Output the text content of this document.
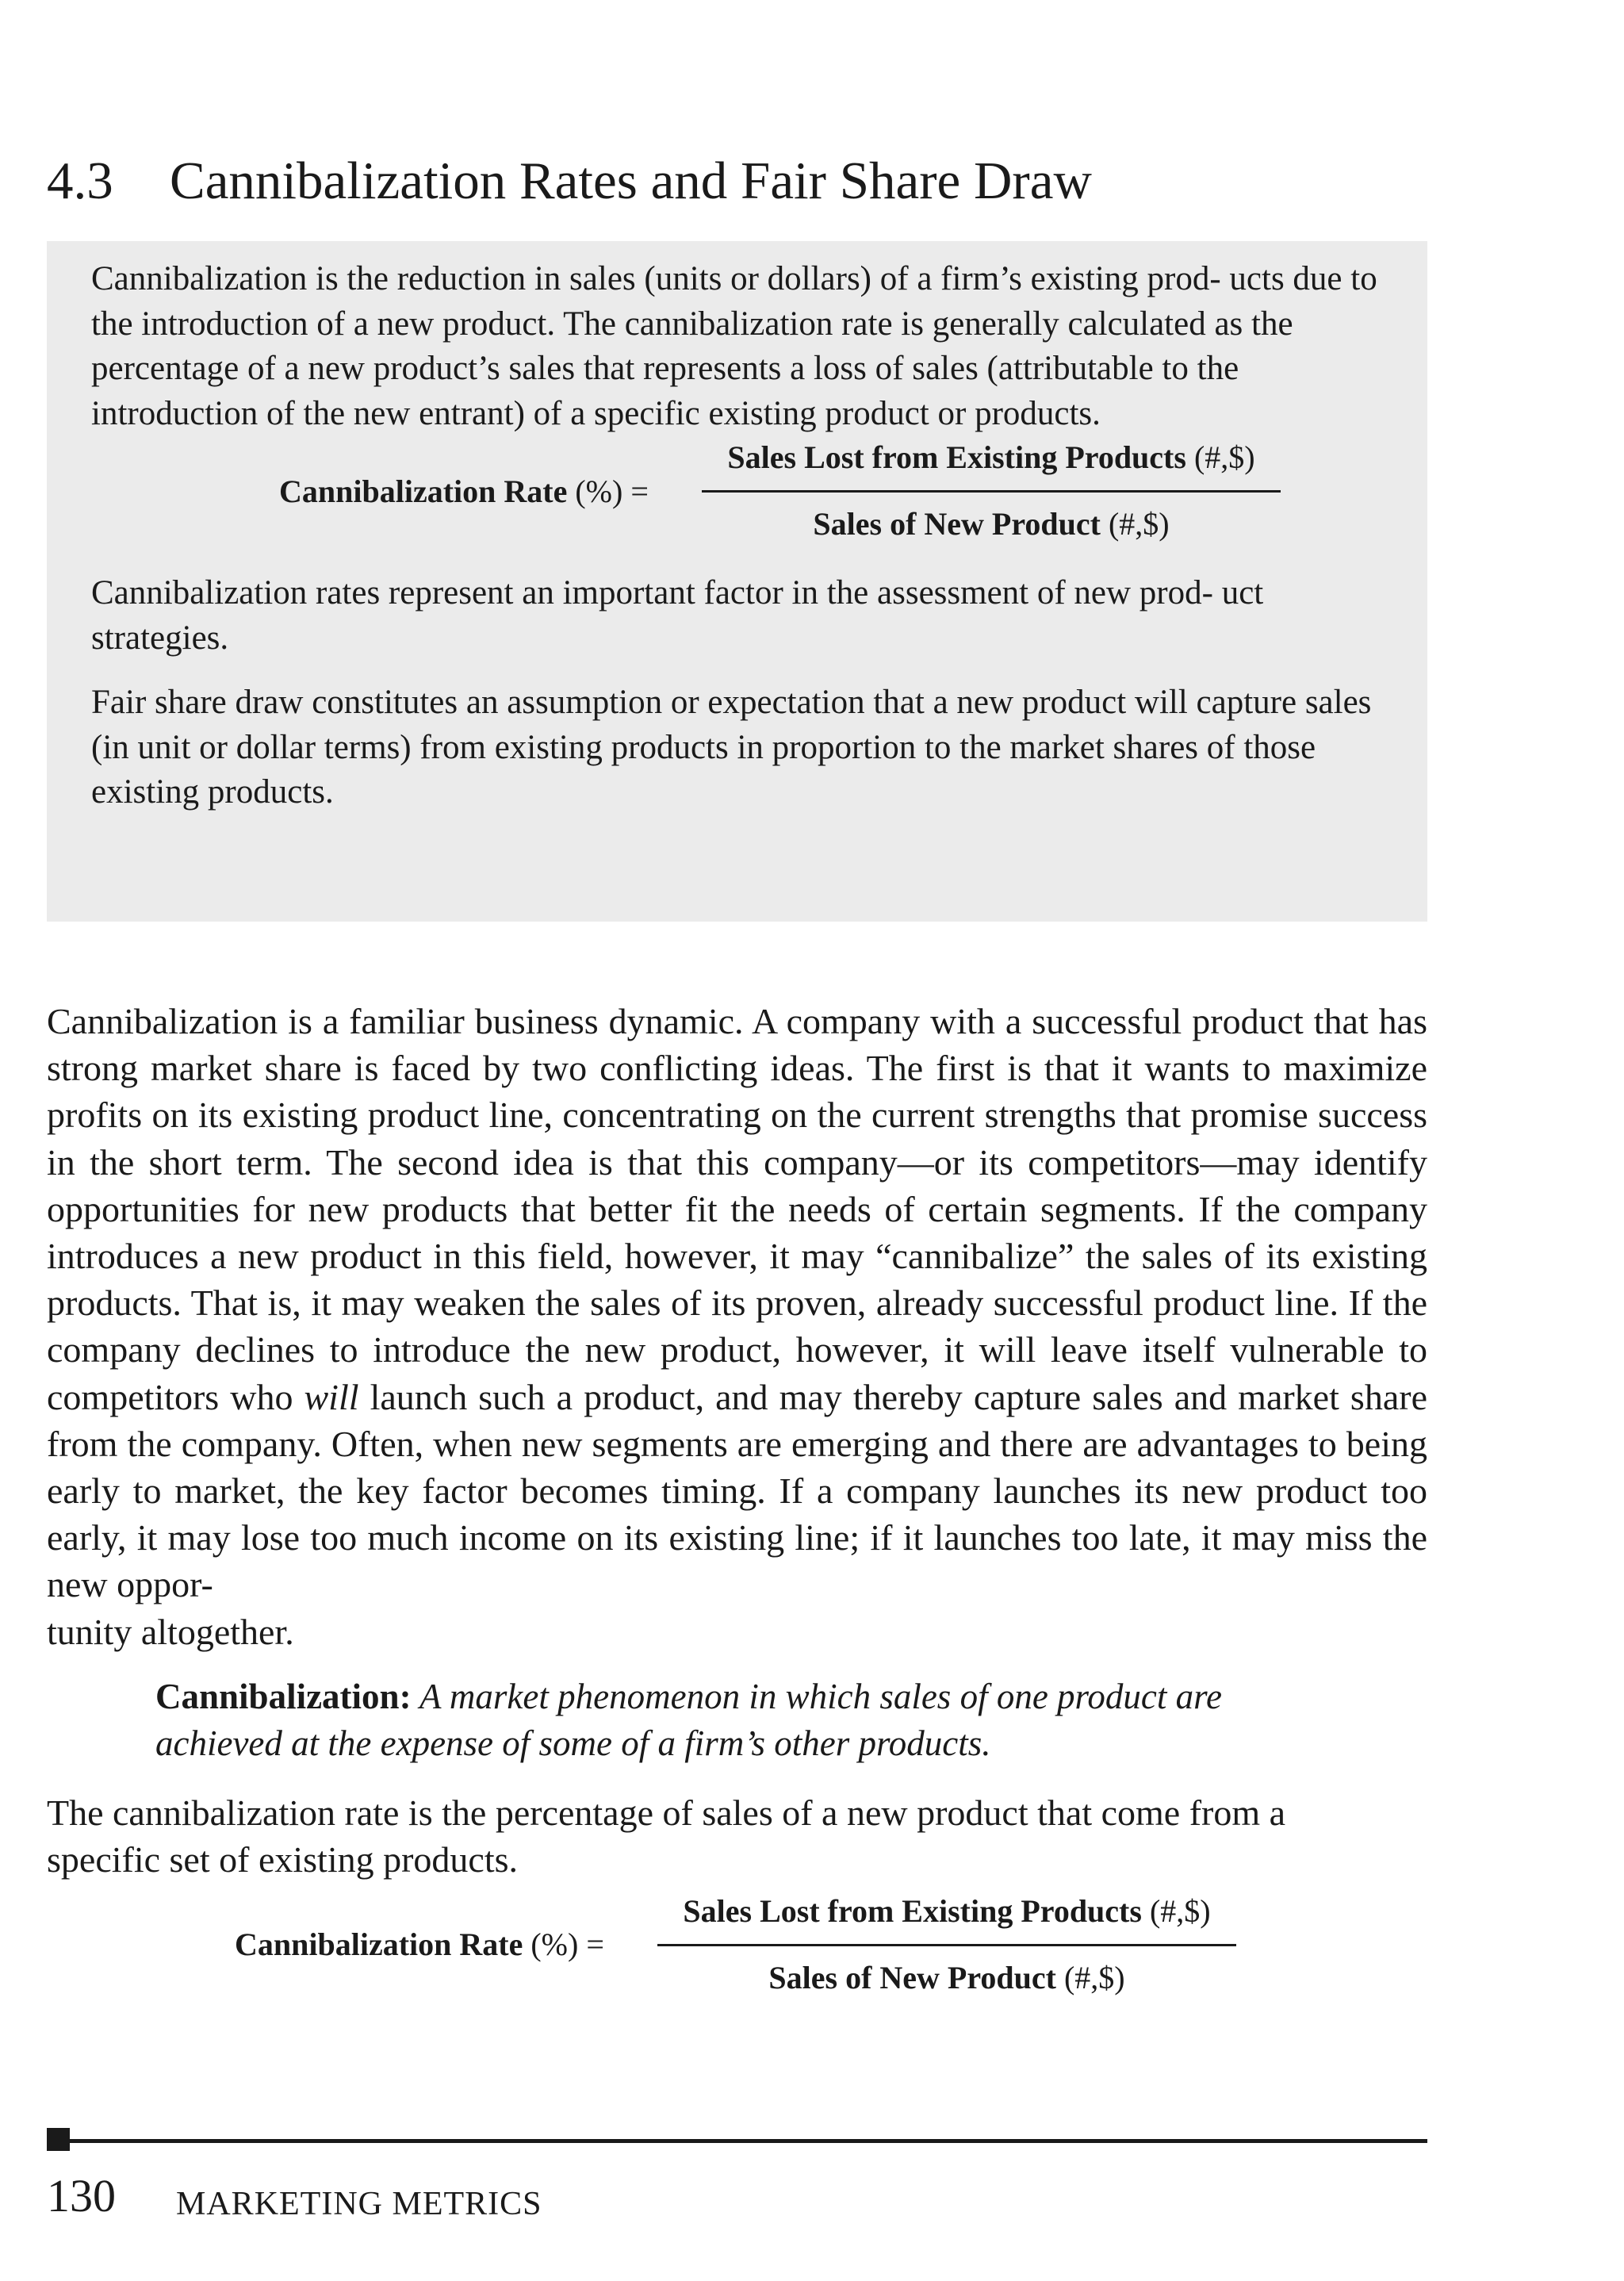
4.3 Cannibalization Rates and Fair Share Draw

Cannibalization is the reduction in sales (units or dollars) of a firm’s existing prod- ucts due to the introduction of a new product. The cannibalization rate is generally calculated as the percentage of a new product’s sales that represents a loss of sales (attributable to the introduction of the new entrant) of a specific existing product or products.

Cannibalization Rate (%) =
Sales Lost from Existing Products (#,$)
Sales of New Product (#,$)

Cannibalization rates represent an important factor in the assessment of new prod- uct strategies.

Fair share draw constitutes an assumption or expectation that a new product will capture sales (in unit or dollar terms) from existing products in proportion to the market shares of those existing products.

Cannibalization is a familiar business dynamic. A company with a successful product that has strong market share is faced by two conflicting ideas. The first is that it wants to maximize profits on its existing product line, concentrating on the current strengths that promise success in the short term. The second idea is that this company—or its competitors—may identify opportunities for new products that better fit the needs of certain segments. If the company introduces a new product in this field, however, it may “cannibalize” the sales of its existing products. That is, it may weaken the sales of its proven, already successful product line. If the company declines to introduce the new product, however, it will leave itself vulnerable to competitors who will launch such a product, and may thereby capture sales and market share from the company. Often, when new segments are emerging and there are advantages to being early to market, the key factor becomes timing. If a company launches its new product too early, it may lose too much income on its existing line; if it launches too late, it may miss the new oppor-
tunity altogether.

Cannibalization: A market phenomenon in which sales of one product are achieved at the expense of some of a firm’s other products.

The cannibalization rate is the percentage of sales of a new product that come from a
specific set of existing products.

Cannibalization Rate (%) =
Sales Lost from Existing Products (#,$)
Sales of New Product (#,$)
130 MARKETING METRICS
